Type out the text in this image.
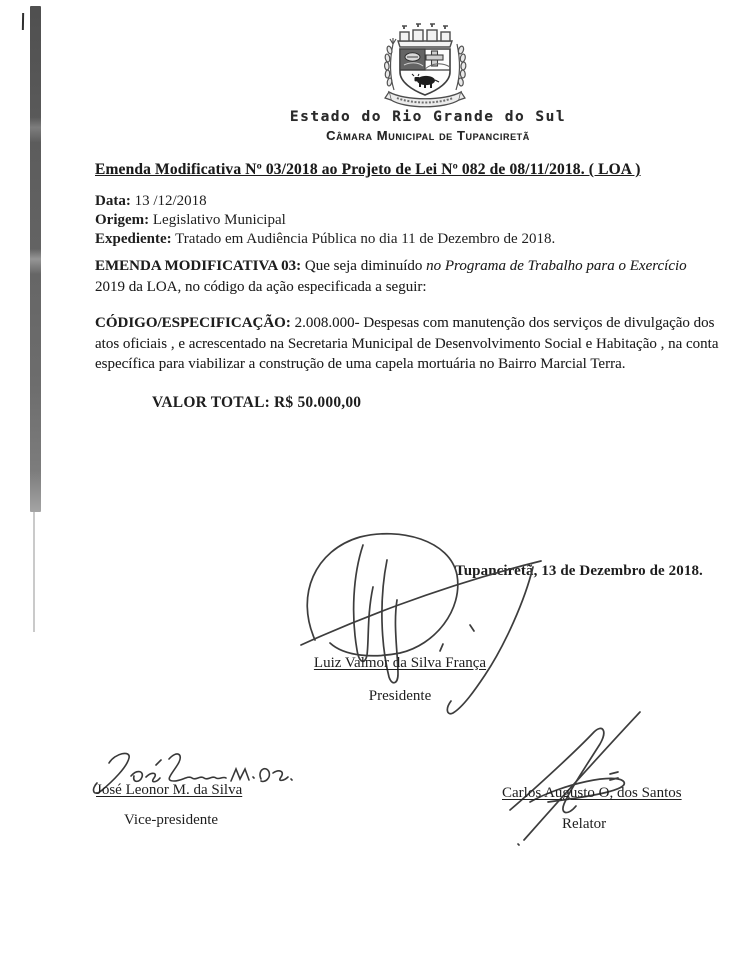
Estado do Rio Grande do Sul
Câmara Municipal de Tupanciretã
Emenda Modificativa Nº 03/2018 ao Projeto de Lei Nº 082 de 08/11/2018. ( LOA )
Data: 13 /12/2018
Origem: Legislativo Municipal
Expediente: Tratado em Audiência Pública no dia 11 de Dezembro de 2018.

EMENDA MODIFICATIVA 03: Que seja diminuído no Programa de Trabalho para o Exercício 2019 da LOA, no código da ação especificada a seguir:

CÓDIGO/ESPECIFICAÇÃO: 2.008.000- Despesas com manutenção dos serviços de divulgação dos atos oficiais , e acrescentado na Secretaria Municipal de Desenvolvimento Social e Habitação , na conta específica para viabilizar a construção de uma capela mortuária no Bairro Marcial Terra.

VALOR TOTAL: R$ 50.000,00
Tupanciretã, 13 de Dezembro de 2018.
Luiz Valmor da Silva França
Presidente
José Leonor M. da Silva
Vice-presidente
Carlos Augusto O, dos Santos
Relator
